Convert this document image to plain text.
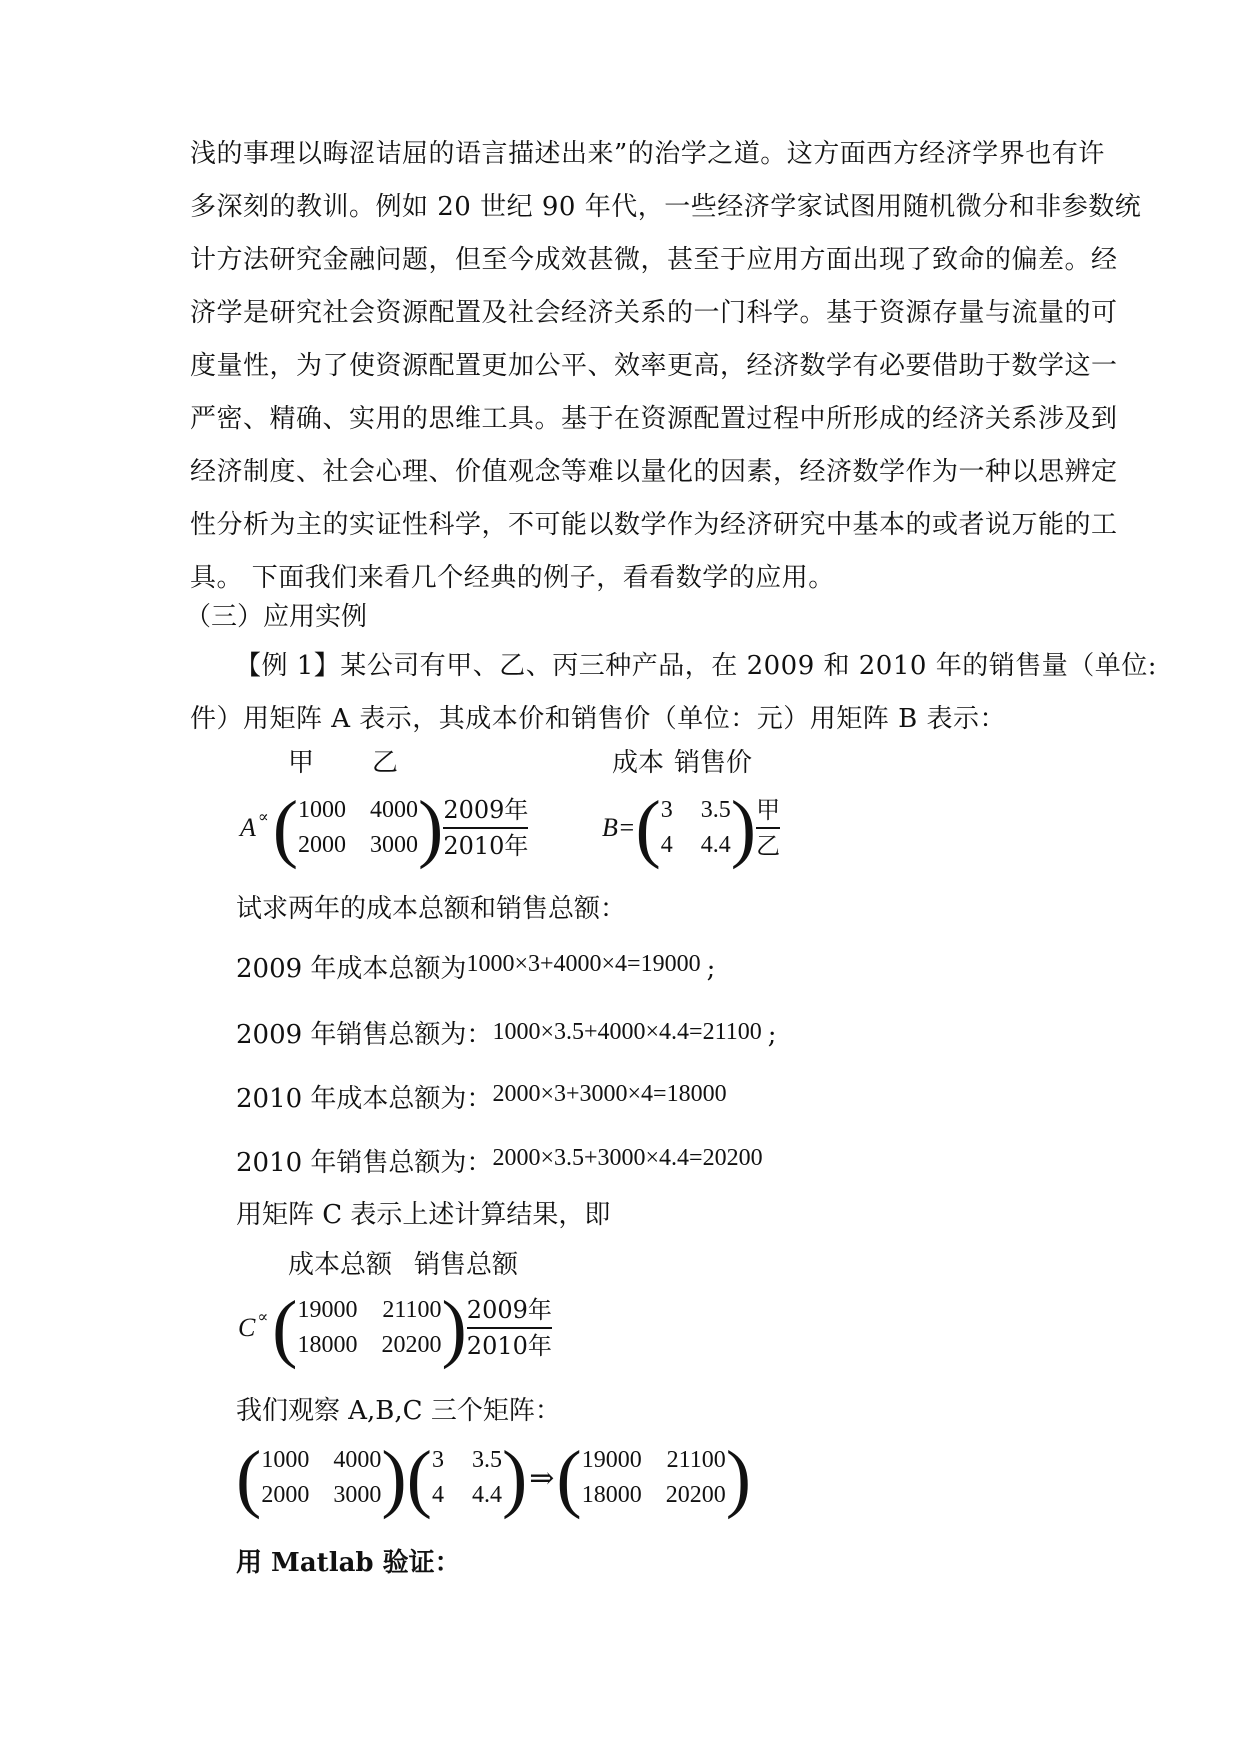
浅的事理以晦涩诘屈的语言描述出来”的治学之道。这方面西方经济学界也有许
多深刻的教训。例如 20 世纪 90 年代，一些经济学家试图用随机微分和非参数统
计方法研究金融问题，但至今成效甚微，甚至于应用方面出现了致命的偏差。经
济学是研究社会资源配置及社会经济关系的一门科学。基于资源存量与流量的可
度量性，为了使资源配置更加公平、效率更高，经济数学有必要借助于数学这一
严密、精确、实用的思维工具。基于在资源配置过程中所形成的经济关系涉及到
经济制度、社会心理、价值观念等难以量化的因素，经济数学作为一种以思辨定
性分析为主的实证性科学，不可能以数学作为经济研究中基本的或者说万能的工
具。 下面我们来看几个经典的例子，看看数学的应用。
（三）应用实例
【例 1】某公司有甲、乙、丙三种产品，在 2009 和 2010 年的销售量（单位:
件）用矩阵 A 表示，其成本价和销售价（单位：元）用矩阵 B 表示：
甲 乙	成本 销售价
A ∝ ( 1000 4000
2000 3000 ) 2009年
2010年
B= ( 3 3.5
4 4.4 ) 甲
乙
试求两年的成本总额和销售总额：
2009 年成本总额为1000×3+4000×4=19000 ;
2009 年销售总额为：1000×3.5+4000×4.4=21100 ;
2010 年成本总额为：2000×3+3000×4=18000
2010 年销售总额为：2000×3.5+3000×4.4=20200
用矩阵 C 表示上述计算结果，即
成本总额 销售总额
C ∝ ( 19000 21100
18000 20200 ) 2009年
2010年
我们观察 A,B,C 三个矩阵：
( 1000 4000
2000 3000 ) ( 3 3.5
4 4.4 ) ⇒ ( 19000 21100
18000 20200 )
用 Matlab 验证：
